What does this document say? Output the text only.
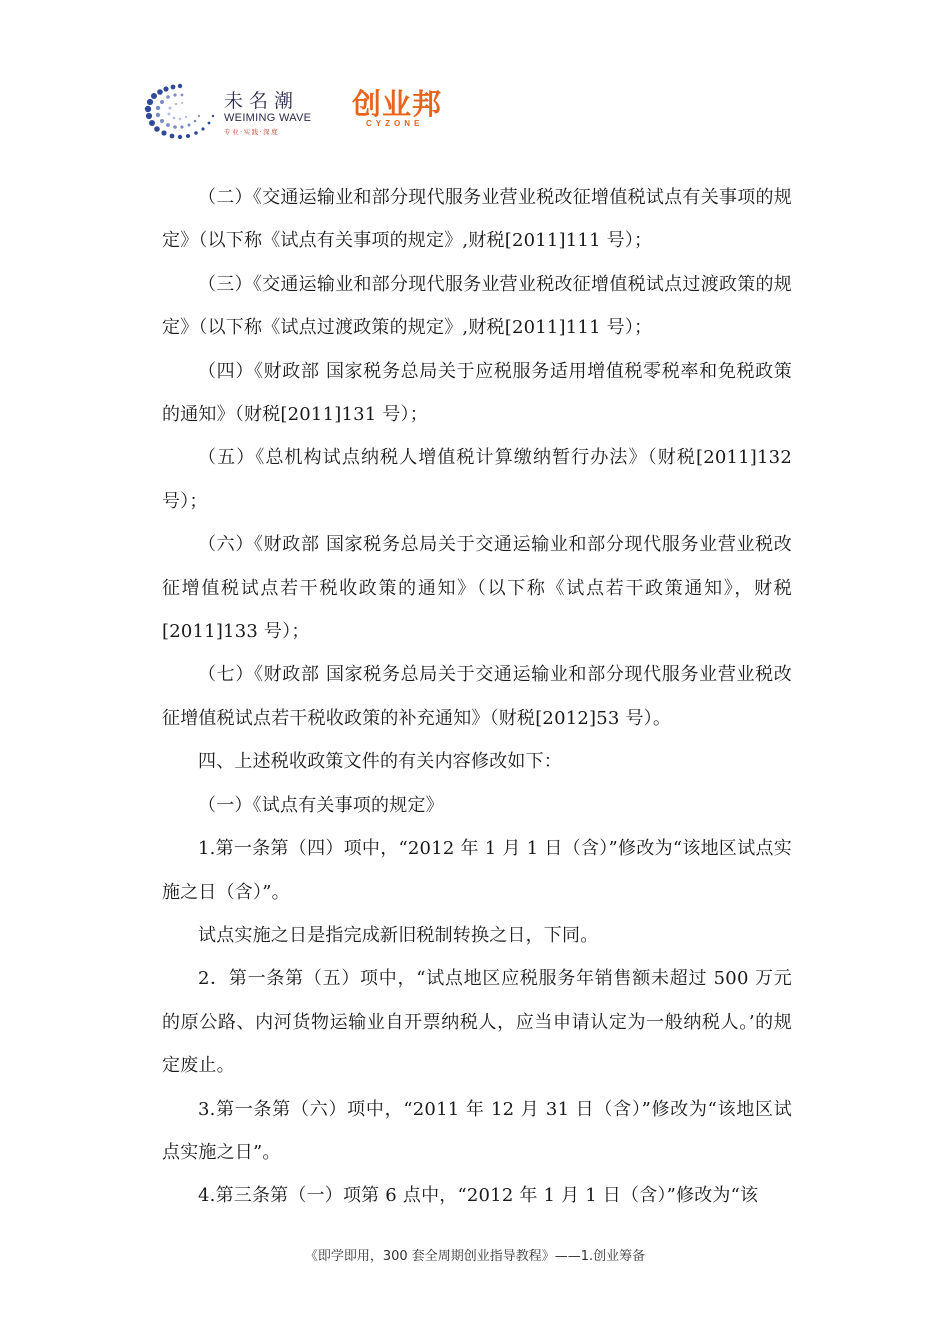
未名潮
WEIMING WAVE
专业·实践·深度
创业邦
CYZONE

（二）《交通运输业和部分现代服务业营业税改征增值税试点有关事项的规定》（以下称《试点有关事项的规定》,财税[2011]111 号）；

（三）《交通运输业和部分现代服务业营业税改征增值税试点过渡政策的规定》（以下称《试点过渡政策的规定》,财税[2011]111 号）；

（四）《财政部 国家税务总局关于应税服务适用增值税零税率和免税政策的通知》（财税[2011]131 号）；

（五）《总机构试点纳税人增值税计算缴纳暂行办法》（财税[2011]132 号）；

（六）《财政部 国家税务总局关于交通运输业和部分现代服务业营业税改征增值税试点若干税收政策的通知》（以下称《试点若干政策通知》，财税[2011]133 号）；

（七）《财政部 国家税务总局关于交通运输业和部分现代服务业营业税改征增值税试点若干税收政策的补充通知》（财税[2012]53 号）。

四、上述税收政策文件的有关内容修改如下：

（一）《试点有关事项的规定》

1.第一条第（四）项中，“2012 年 1 月 1 日（含）”修改为“该地区试点实施之日（含）”。

试点实施之日是指完成新旧税制转换之日，下同。

2．第一条第（五）项中，“试点地区应税服务年销售额未超过 500 万元的原公路、内河货物运输业自开票纳税人，应当申请认定为一般纳税人。’的规定废止。

3.第一条第（六）项中，“2011 年 12 月 31 日（含）”修改为“该地区试点实施之日”。

4.第三条第（一）项第 6 点中，“2012 年 1 月 1 日（含）”修改为“该

《即学即用，300 套全周期创业指导教程》——1.创业筹备
